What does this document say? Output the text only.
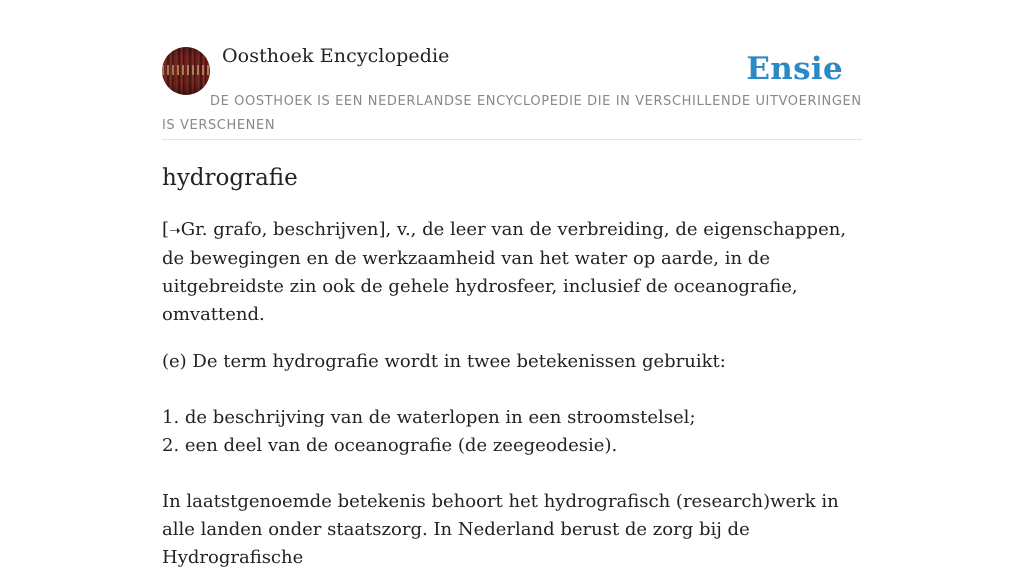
Oosthoek Encyclopedie	Ensie
DE OOSTHOEK IS EEN NEDERLANDSE ENCYCLOPEDIE DIE IN VERSCHILLENDE UITVOERINGEN IS VERSCHENEN
hydrografie

[➝Gr. grafo, beschrijven], v., de leer van de verbreiding, de eigenschappen, de bewegingen en de werkzaamheid van het water op aarde, in de uitgebreidste zin ook de gehele hydrosfeer, inclusief de oceanografie, omvattend.

(e) De term hydrografie wordt in twee betekenissen gebruikt:

1. de beschrijving van de waterlopen in een stroomstelsel;

2. een deel van de oceanografie (de zeegeodesie).

In laatstgenoemde betekenis behoort het hydrografisch (research)werk in alle landen onder staatszorg. In Nederland berust de zorg bij de Hydrografische
